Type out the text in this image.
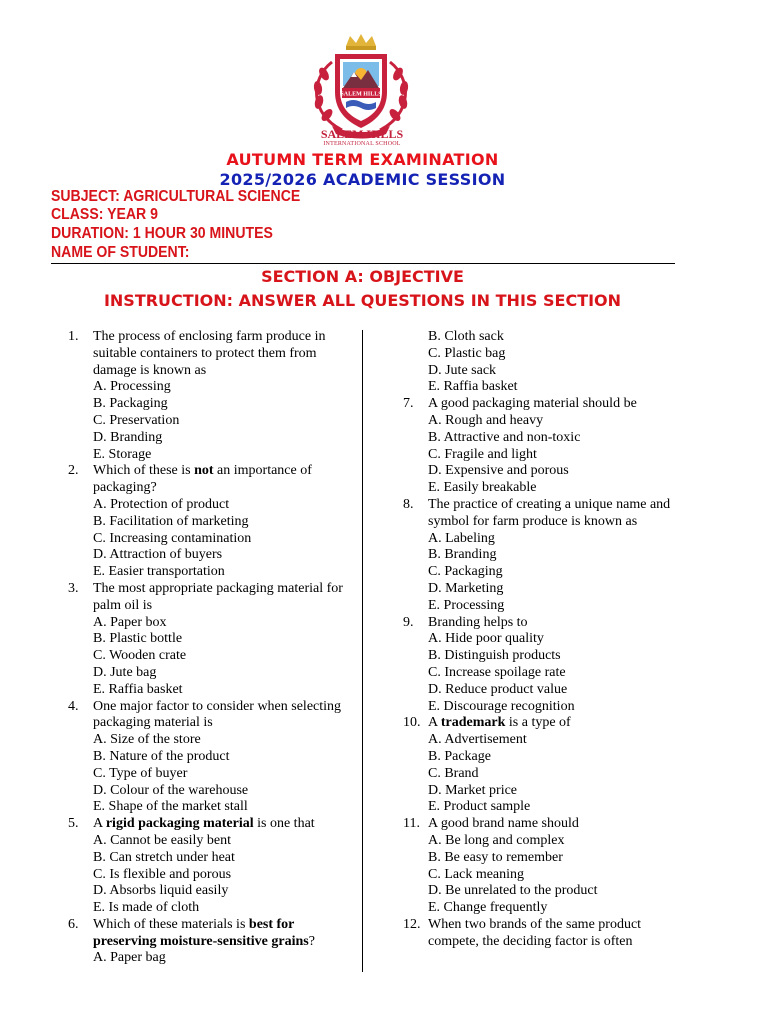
SALEM HILLS
SALEM HILLS
INTERNATIONAL SCHOOL
AUTUMN TERM EXAMINATION
2025/2026 ACADEMIC SESSION
SUBJECT: AGRICULTURAL SCIENCE
CLASS: YEAR 9
DURATION: 1 HOUR 30 MINUTES
NAME OF STUDENT:
SECTION A: OBJECTIVE
INSTRUCTION: ANSWER ALL QUESTIONS IN THIS SECTION
1.	The process of enclosing farm produce in suitable containers to protect them from damage is known as
A. Processing
B. Packaging
C. Preservation
D. Branding
E. Storage
2.	Which of these is not an importance of packaging?
A. Protection of product
B. Facilitation of marketing
C. Increasing contamination
D. Attraction of buyers
E. Easier transportation
3.	The most appropriate packaging material for palm oil is
A. Paper box
B. Plastic bottle
C. Wooden crate
D. Jute bag
E. Raffia basket
4.	One major factor to consider when selecting packaging material is
A. Size of the store
B. Nature of the product
C. Type of buyer
D. Colour of the warehouse
E. Shape of the market stall
5.	A rigid packaging material is one that
A. Cannot be easily bent
B. Can stretch under heat
C. Is flexible and porous
D. Absorbs liquid easily
E. Is made of cloth
6.	Which of these materials is best for preserving moisture-sensitive grains?
A. Paper bag
B. Cloth sack
C. Plastic bag
D. Jute sack
E. Raffia basket
7.	A good packaging material should be
A. Rough and heavy
B. Attractive and non-toxic
C. Fragile and light
D. Expensive and porous
E. Easily breakable
8.	The practice of creating a unique name and symbol for farm produce is known as
A. Labeling
B. Branding
C. Packaging
D. Marketing
E. Processing
9.	Branding helps to
A. Hide poor quality
B. Distinguish products
C. Increase spoilage rate
D. Reduce product value
E. Discourage recognition
10. A trademark is a type of
A. Advertisement
B. Package
C. Brand
D. Market price
E. Product sample
11. A good brand name should
A. Be long and complex
B. Be easy to remember
C. Lack meaning
D. Be unrelated to the product
E. Change frequently
12. When two brands of the same product compete, the deciding factor is often
